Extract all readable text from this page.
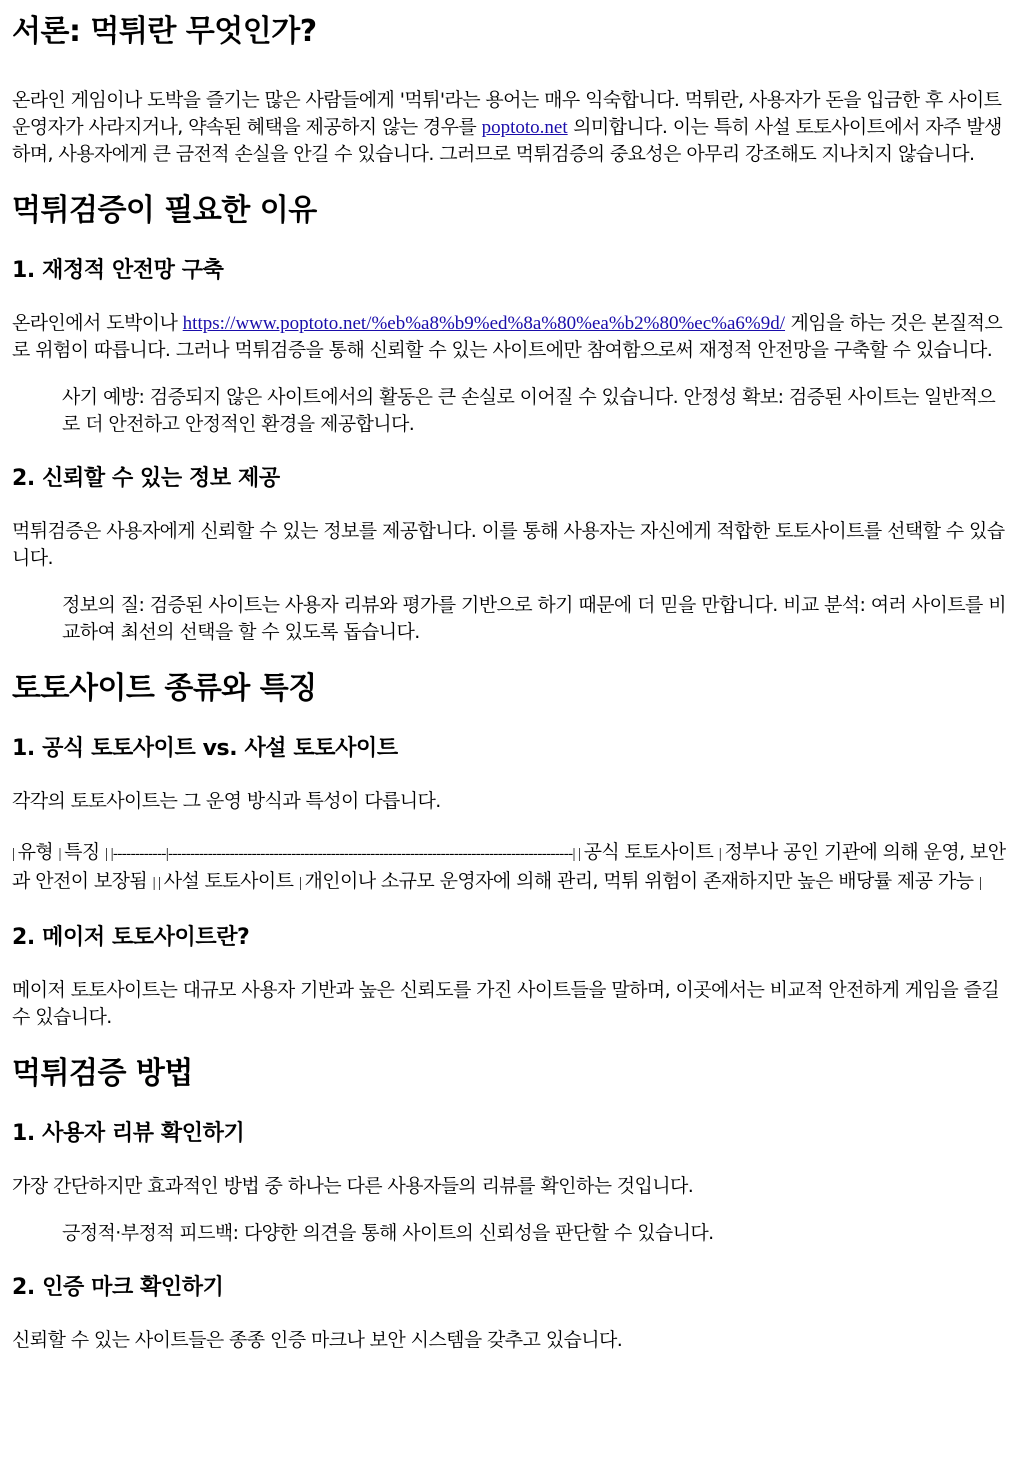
서론: 먹튀란 무엇인가?

온라인 게임이나 도박을 즐기는 많은 사람들에게 '먹튀'라는 용어는 매우 익숙합니다. 먹튀란, 사용자가 돈을 입금한 후 사이트 운영자가 사라지거나, 약속된 혜택을 제공하지 않는 경우를 poptoto.net 의미합니다. 이는 특히 사설 토토사이트에서 자주 발생하며, 사용자에게 큰 금전적 손실을 안길 수 있습니다. 그러므로 먹튀검증의 중요성은 아무리 강조해도 지나치지 않습니다.

먹튀검증이 필요한 이유
1. 재정적 안전망 구축

온라인에서 도박이나 https://www.poptoto.net/%eb%a8%b9%ed%8a%80%ea%b2%80%ec%a6%9d/ 게임을 하는 것은 본질적으로 위험이 따릅니다. 그러나 먹튀검증을 통해 신뢰할 수 있는 사이트에만 참여함으로써 재정적 안전망을 구축할 수 있습니다.

사기 예방: 검증되지 않은 사이트에서의 활동은 큰 손실로 이어질 수 있습니다. 안정성 확보: 검증된 사이트는 일반적으로 더 안전하고 안정적인 환경을 제공합니다.
2. 신뢰할 수 있는 정보 제공

먹튀검증은 사용자에게 신뢰할 수 있는 정보를 제공합니다. 이를 통해 사용자는 자신에게 적합한 토토사이트를 선택할 수 있습니다.

정보의 질: 검증된 사이트는 사용자 리뷰와 평가를 기반으로 하기 때문에 더 믿을 만합니다. 비교 분석: 여러 사이트를 비교하여 최선의 선택을 할 수 있도록 돕습니다.
토토사이트 종류와 특징
1. 공식 토토사이트 vs. 사설 토토사이트

각각의 토토사이트는 그 운영 방식과 특성이 다릅니다.

| 유형 | 특징 | |------------|--------------------------------------------------------------------------------------------| | 공식 토토사이트 | 정부나 공인 기관에 의해 운영, 보안과 안전이 보장됨 | | 사설 토토사이트 | 개인이나 소규모 운영자에 의해 관리, 먹튀 위험이 존재하지만 높은 배당률 제공 가능 |

2. 메이저 토토사이트란?

메이저 토토사이트는 대규모 사용자 기반과 높은 신뢰도를 가진 사이트들을 말하며, 이곳에서는 비교적 안전하게 게임을 즐길 수 있습니다.

먹튀검증 방법
1. 사용자 리뷰 확인하기

가장 간단하지만 효과적인 방법 중 하나는 다른 사용자들의 리뷰를 확인하는 것입니다.

긍정적·부정적 피드백: 다양한 의견을 통해 사이트의 신뢰성을 판단할 수 있습니다.
2. 인증 마크 확인하기

신뢰할 수 있는 사이트들은 종종 인증 마크나 보안 시스템을 갖추고 있습니다.
